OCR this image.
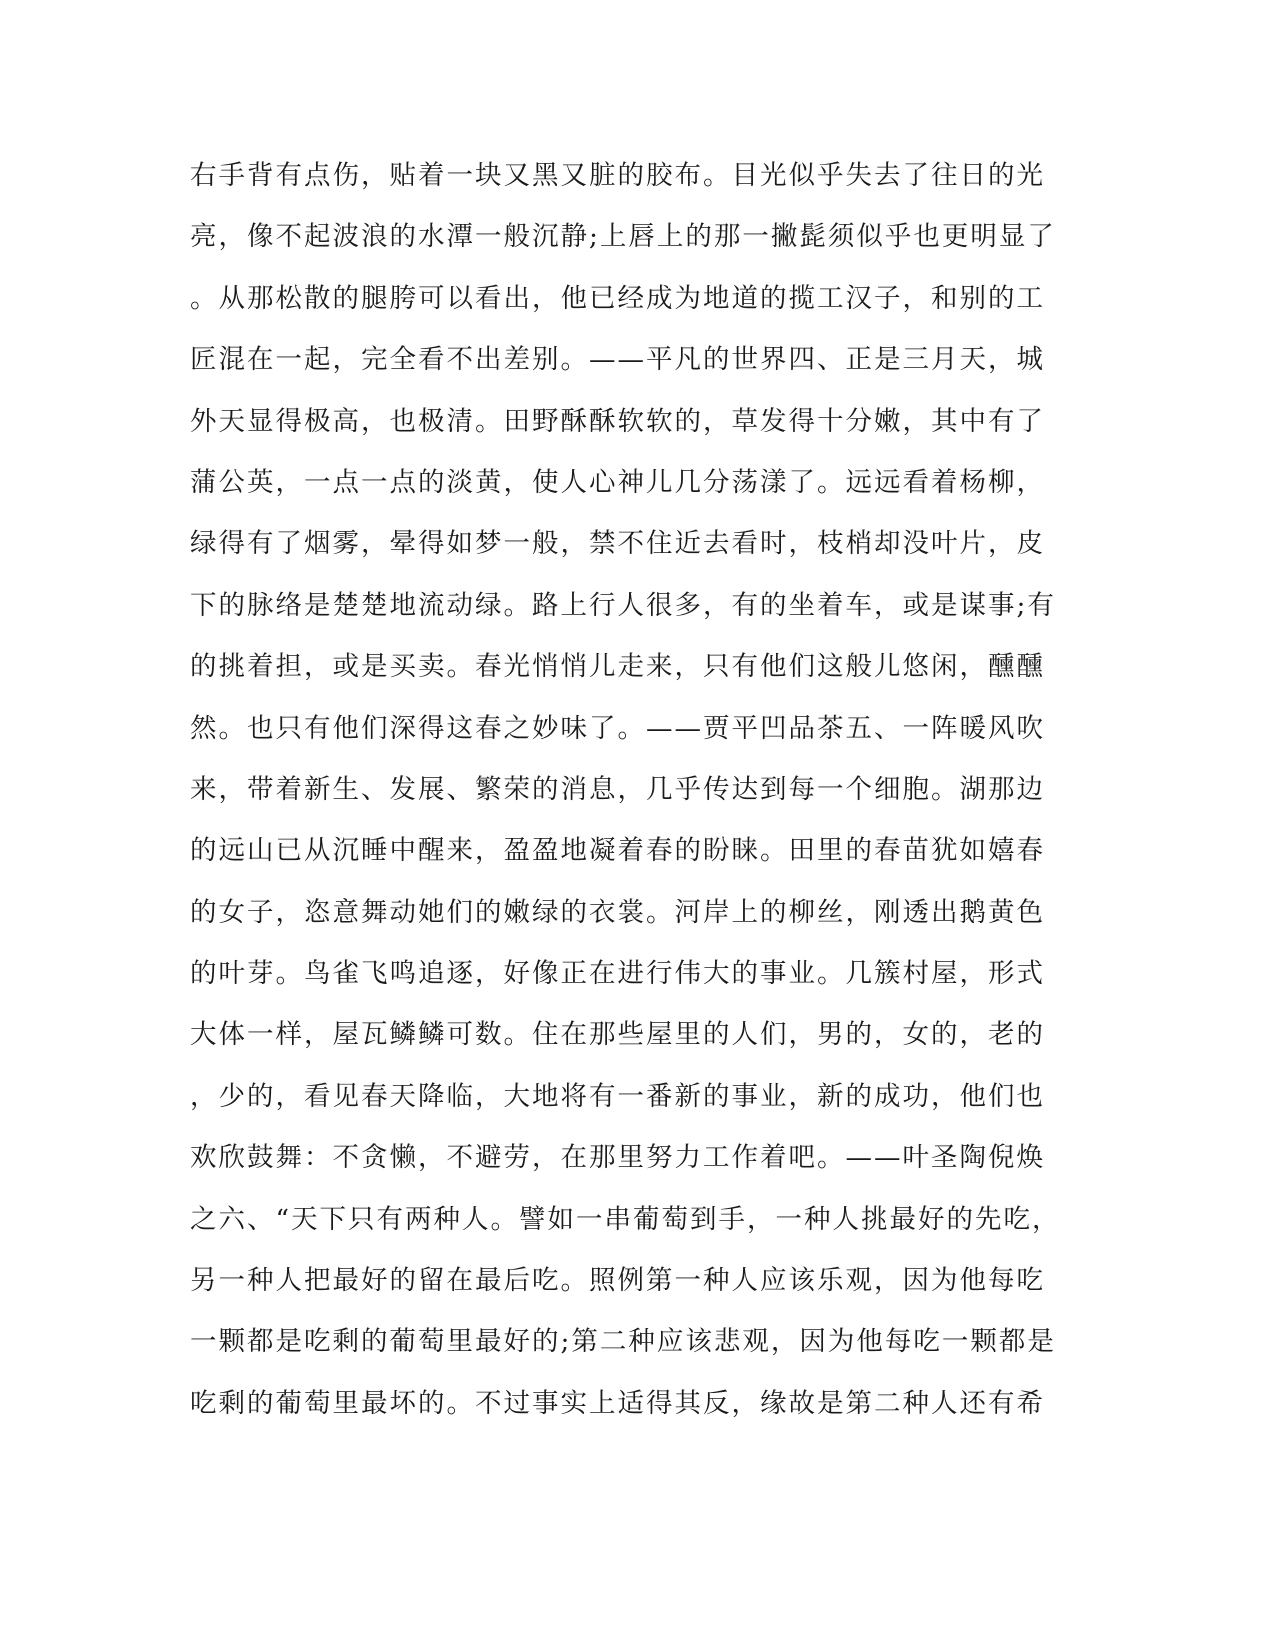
右手背有点伤，贴着一块又黑又脏的胶布。目光似乎失去了往日的光
亮，像不起波浪的水潭一般沉静;上唇上的那一撇髭须似乎也更明显了
。从那松散的腿胯可以看出，他已经成为地道的揽工汉子，和别的工
匠混在一起，完全看不出差别。——平凡的世界四、正是三月天，城
外天显得极高，也极清。田野酥酥软软的，草发得十分嫩，其中有了
蒲公英，一点一点的淡黄，使人心神儿几分荡漾了。远远看着杨柳，
绿得有了烟雾，晕得如梦一般，禁不住近去看时，枝梢却没叶片，皮
下的脉络是楚楚地流动绿。路上行人很多，有的坐着车，或是谋事;有
的挑着担，或是买卖。春光悄悄儿走来，只有他们这般儿悠闲，醺醺
然。也只有他们深得这春之妙味了。——贾平凹品茶五、一阵暖风吹
来，带着新生、发展、繁荣的消息，几乎传达到每一个细胞。湖那边
的远山已从沉睡中醒来，盈盈地凝着春的盼睐。田里的春苗犹如嬉春
的女子，恣意舞动她们的嫩绿的衣裳。河岸上的柳丝，刚透出鹅黄色
的叶芽。鸟雀飞鸣追逐，好像正在进行伟大的事业。几簇村屋，形式
大体一样，屋瓦鳞鳞可数。住在那些屋里的人们，男的，女的，老的
，少的，看见春天降临，大地将有一番新的事业，新的成功，他们也
欢欣鼓舞：不贪懒，不避劳，在那里努力工作着吧。——叶圣陶倪焕
之六、“天下只有两种人。譬如一串葡萄到手，一种人挑最好的先吃，
另一种人把最好的留在最后吃。照例第一种人应该乐观，因为他每吃
一颗都是吃剩的葡萄里最好的;第二种应该悲观，因为他每吃一颗都是
吃剩的葡萄里最坏的。不过事实上适得其反，缘故是第二种人还有希
